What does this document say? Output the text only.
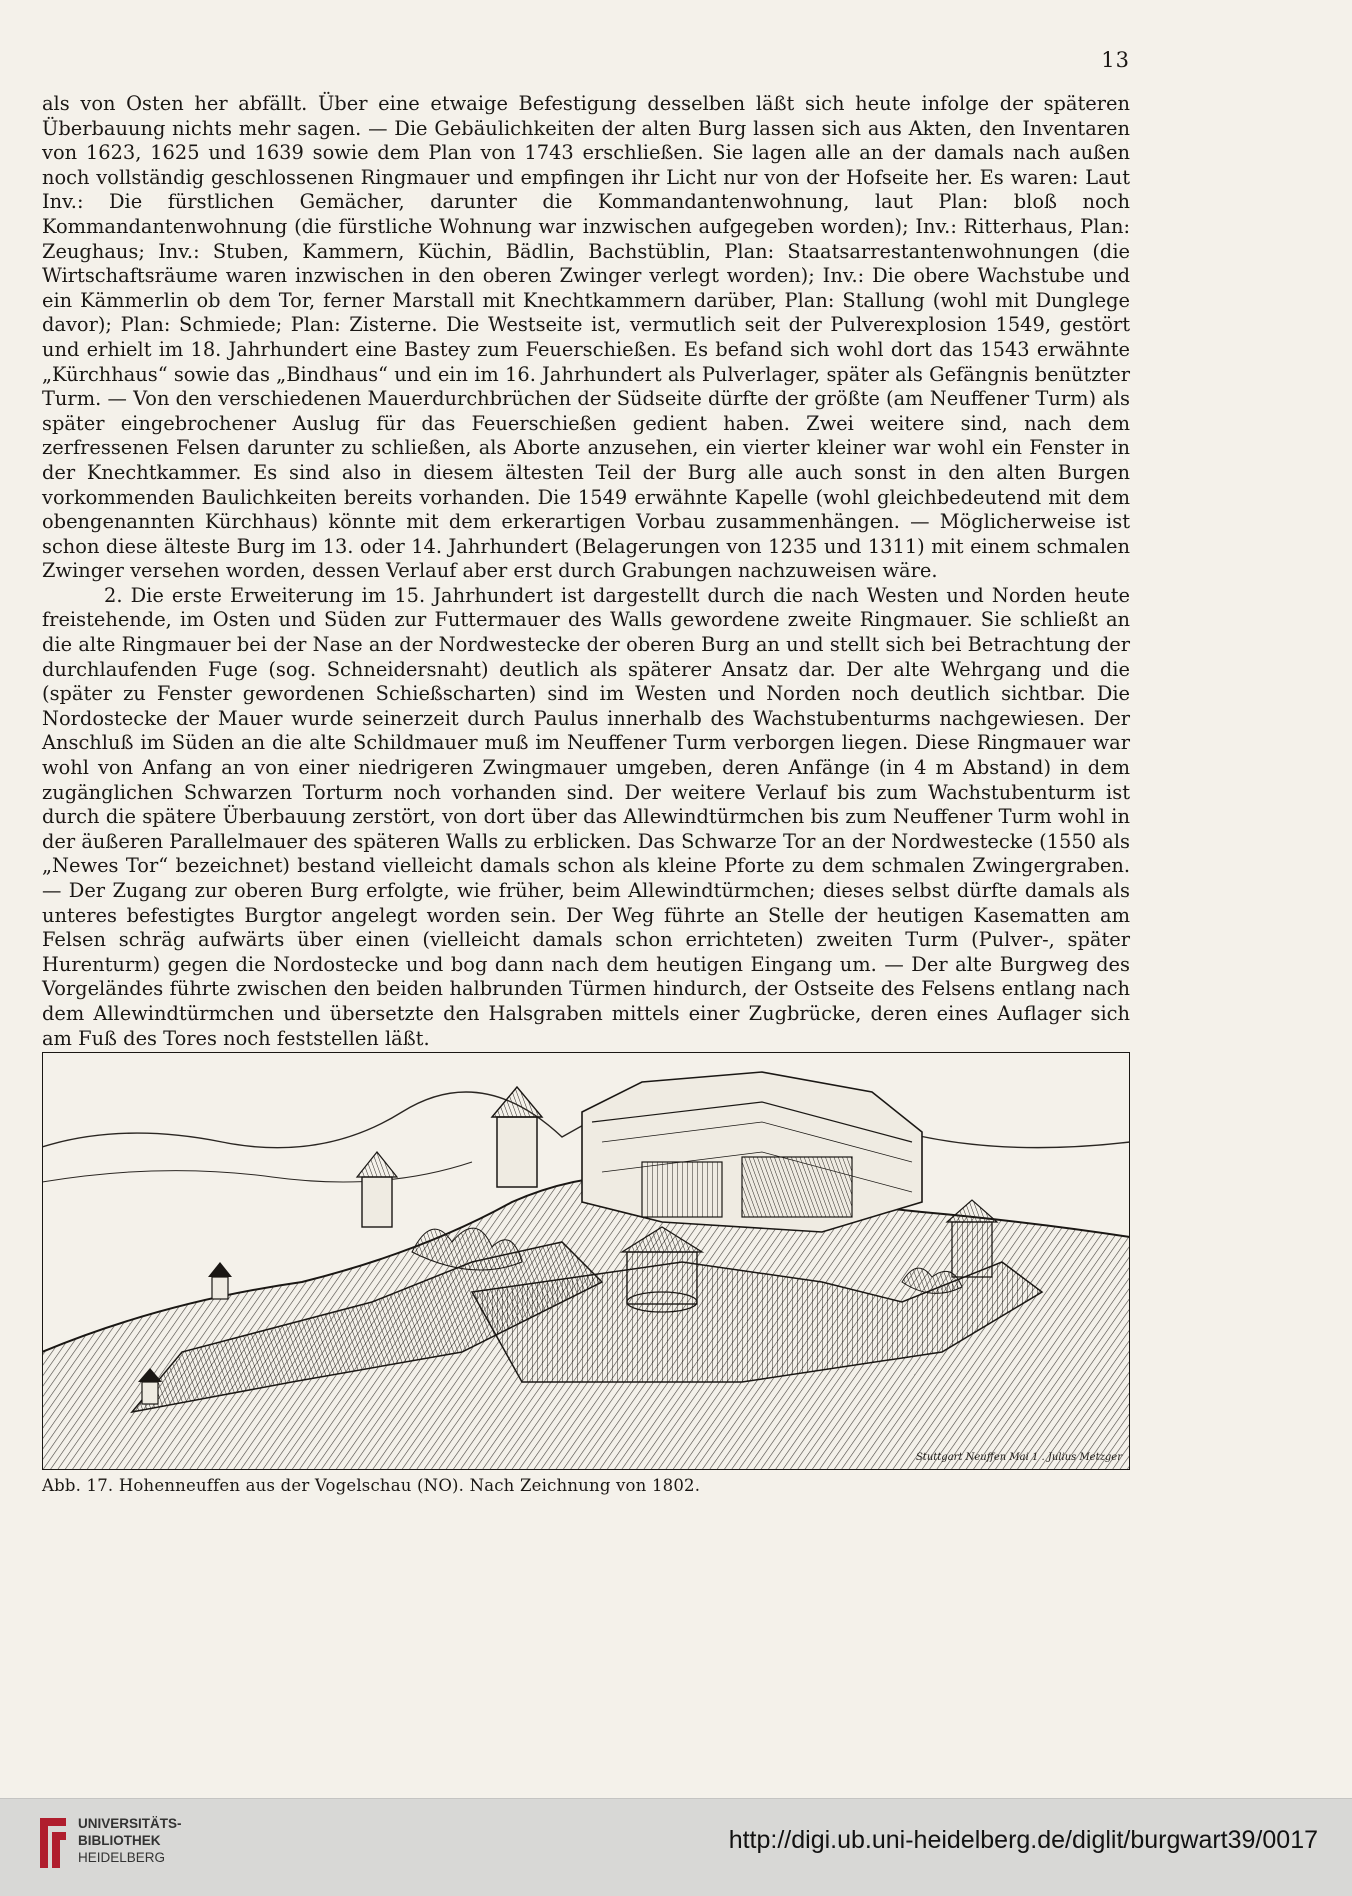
13

als von Osten her abfällt. Über eine etwaige Befestigung desselben läßt sich heute infolge der späteren Überbauung nichts mehr sagen. — Die Gebäulichkeiten der alten Burg lassen sich aus Akten, den Inventaren von 1623, 1625 und 1639 sowie dem Plan von 1743 erschließen. Sie lagen alle an der damals nach außen noch vollständig geschlossenen Ringmauer und empfingen ihr Licht nur von der Hofseite her. Es waren: Laut Inv.: Die fürstlichen Gemächer, darunter die Kommandantenwohnung, laut Plan: bloß noch Kommandantenwohnung (die fürstliche Wohnung war inzwischen aufgegeben worden); Inv.: Ritterhaus, Plan: Zeughaus; Inv.: Stuben, Kammern, Küchin, Bädlin, Bachstüblin, Plan: Staatsarrestantenwohnungen (die Wirtschaftsräume waren inzwischen in den oberen Zwinger verlegt worden); Inv.: Die obere Wachstube und ein Kämmerlin ob dem Tor, ferner Marstall mit Knechtkammern darüber, Plan: Stallung (wohl mit Dunglege davor); Plan: Schmiede; Plan: Zisterne. Die Westseite ist, vermutlich seit der Pulverexplosion 1549, gestört und erhielt im 18. Jahrhundert eine Bastey zum Feuerschießen. Es befand sich wohl dort das 1543 erwähnte „Kürchhaus“ sowie das „Bindhaus“ und ein im 16. Jahrhundert als Pulverlager, später als Gefängnis benützter Turm. — Von den verschiedenen Mauerdurchbrüchen der Südseite dürfte der größte (am Neuffener Turm) als später eingebrochener Auslug für das Feuerschießen gedient haben. Zwei weitere sind, nach dem zerfressenen Felsen darunter zu schließen, als Aborte anzusehen, ein vierter kleiner war wohl ein Fenster in der Knechtkammer. Es sind also in diesem ältesten Teil der Burg alle auch sonst in den alten Burgen vorkommenden Baulichkeiten bereits vorhanden. Die 1549 erwähnte Kapelle (wohl gleichbedeutend mit dem obengenannten Kürchhaus) könnte mit dem erkerartigen Vorbau zusammenhängen. — Möglicherweise ist schon diese älteste Burg im 13. oder 14. Jahrhundert (Belagerungen von 1235 und 1311) mit einem schmalen Zwinger versehen worden, dessen Verlauf aber erst durch Grabungen nachzuweisen wäre.

2. Die erste Erweiterung im 15. Jahrhundert ist dargestellt durch die nach Westen und Norden heute freistehende, im Osten und Süden zur Futtermauer des Walls gewordene zweite Ringmauer. Sie schließt an die alte Ringmauer bei der Nase an der Nordwestecke der oberen Burg an und stellt sich bei Betrachtung der durchlaufenden Fuge (sog. Schneidersnaht) deutlich als späterer Ansatz dar. Der alte Wehrgang und die (später zu Fenster gewordenen Schießscharten) sind im Westen und Norden noch deutlich sichtbar. Die Nordostecke der Mauer wurde seinerzeit durch Paulus innerhalb des Wachstubenturms nachgewiesen. Der Anschluß im Süden an die alte Schildmauer muß im Neuffener Turm verborgen liegen. Diese Ringmauer war wohl von Anfang an von einer niedrigeren Zwingmauer umgeben, deren Anfänge (in 4 m Abstand) in dem zugänglichen Schwarzen Torturm noch vorhanden sind. Der weitere Verlauf bis zum Wachstubenturm ist durch die spätere Überbauung zerstört, von dort über das Allewindtürmchen bis zum Neuffener Turm wohl in der äußeren Parallelmauer des späteren Walls zu erblicken. Das Schwarze Tor an der Nordwestecke (1550 als „Newes Tor“ bezeichnet) bestand vielleicht damals schon als kleine Pforte zu dem schmalen Zwingergraben. — Der Zugang zur oberen Burg erfolgte, wie früher, beim Allewindtürmchen; dieses selbst dürfte damals als unteres befestigtes Burgtor angelegt worden sein. Der Weg führte an Stelle der heutigen Kasematten am Felsen schräg aufwärts über einen (vielleicht damals schon errichteten) zweiten Turm (Pulver-, später Hurenturm) gegen die Nordostecke und bog dann nach dem heutigen Eingang um. — Der alte Burgweg des Vorgeländes führte zwischen den beiden halbrunden Türmen hindurch, der Ostseite des Felsens entlang nach dem Allewindtürmchen und übersetzte den Halsgraben mittels einer Zugbrücke, deren eines Auflager sich am Fuß des Tores noch feststellen läßt.

Stuttgart Neuffen Mai 1 . Julius Metzger
Abb. 17. Hohenneuffen aus der Vogelschau (NO). Nach Zeichnung von 1802.
UNIVERSITÄTS-
BIBLIOTHEK
HEIDELBERG
http://digi.ub.uni-heidelberg.de/diglit/burgwart39/0017
